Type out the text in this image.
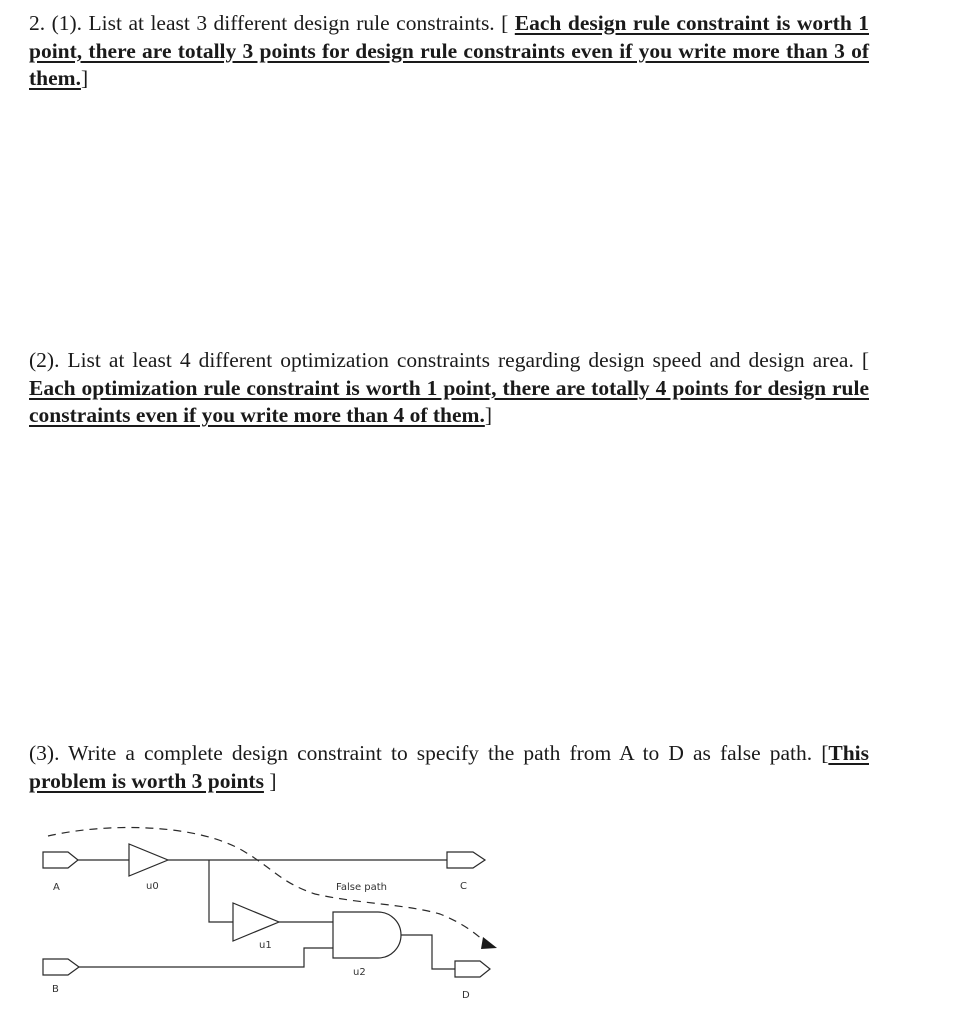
2. (1). List at least 3 different design rule constraints. [ Each design rule constraint is worth 1 point, there are totally 3 points for design rule constraints even if you write more than 3 of them.]
(2). List at least 4 different optimization constraints regarding design speed and design area. [ Each optimization rule constraint is worth 1 point, there are totally 4 points for design rule constraints even if you write more than 4 of them.]
(3). Write a complete design constraint to specify the path from A to D as false path. [This problem is worth 3 points ]
A	u0	C
False path
u1
u2
B
D
